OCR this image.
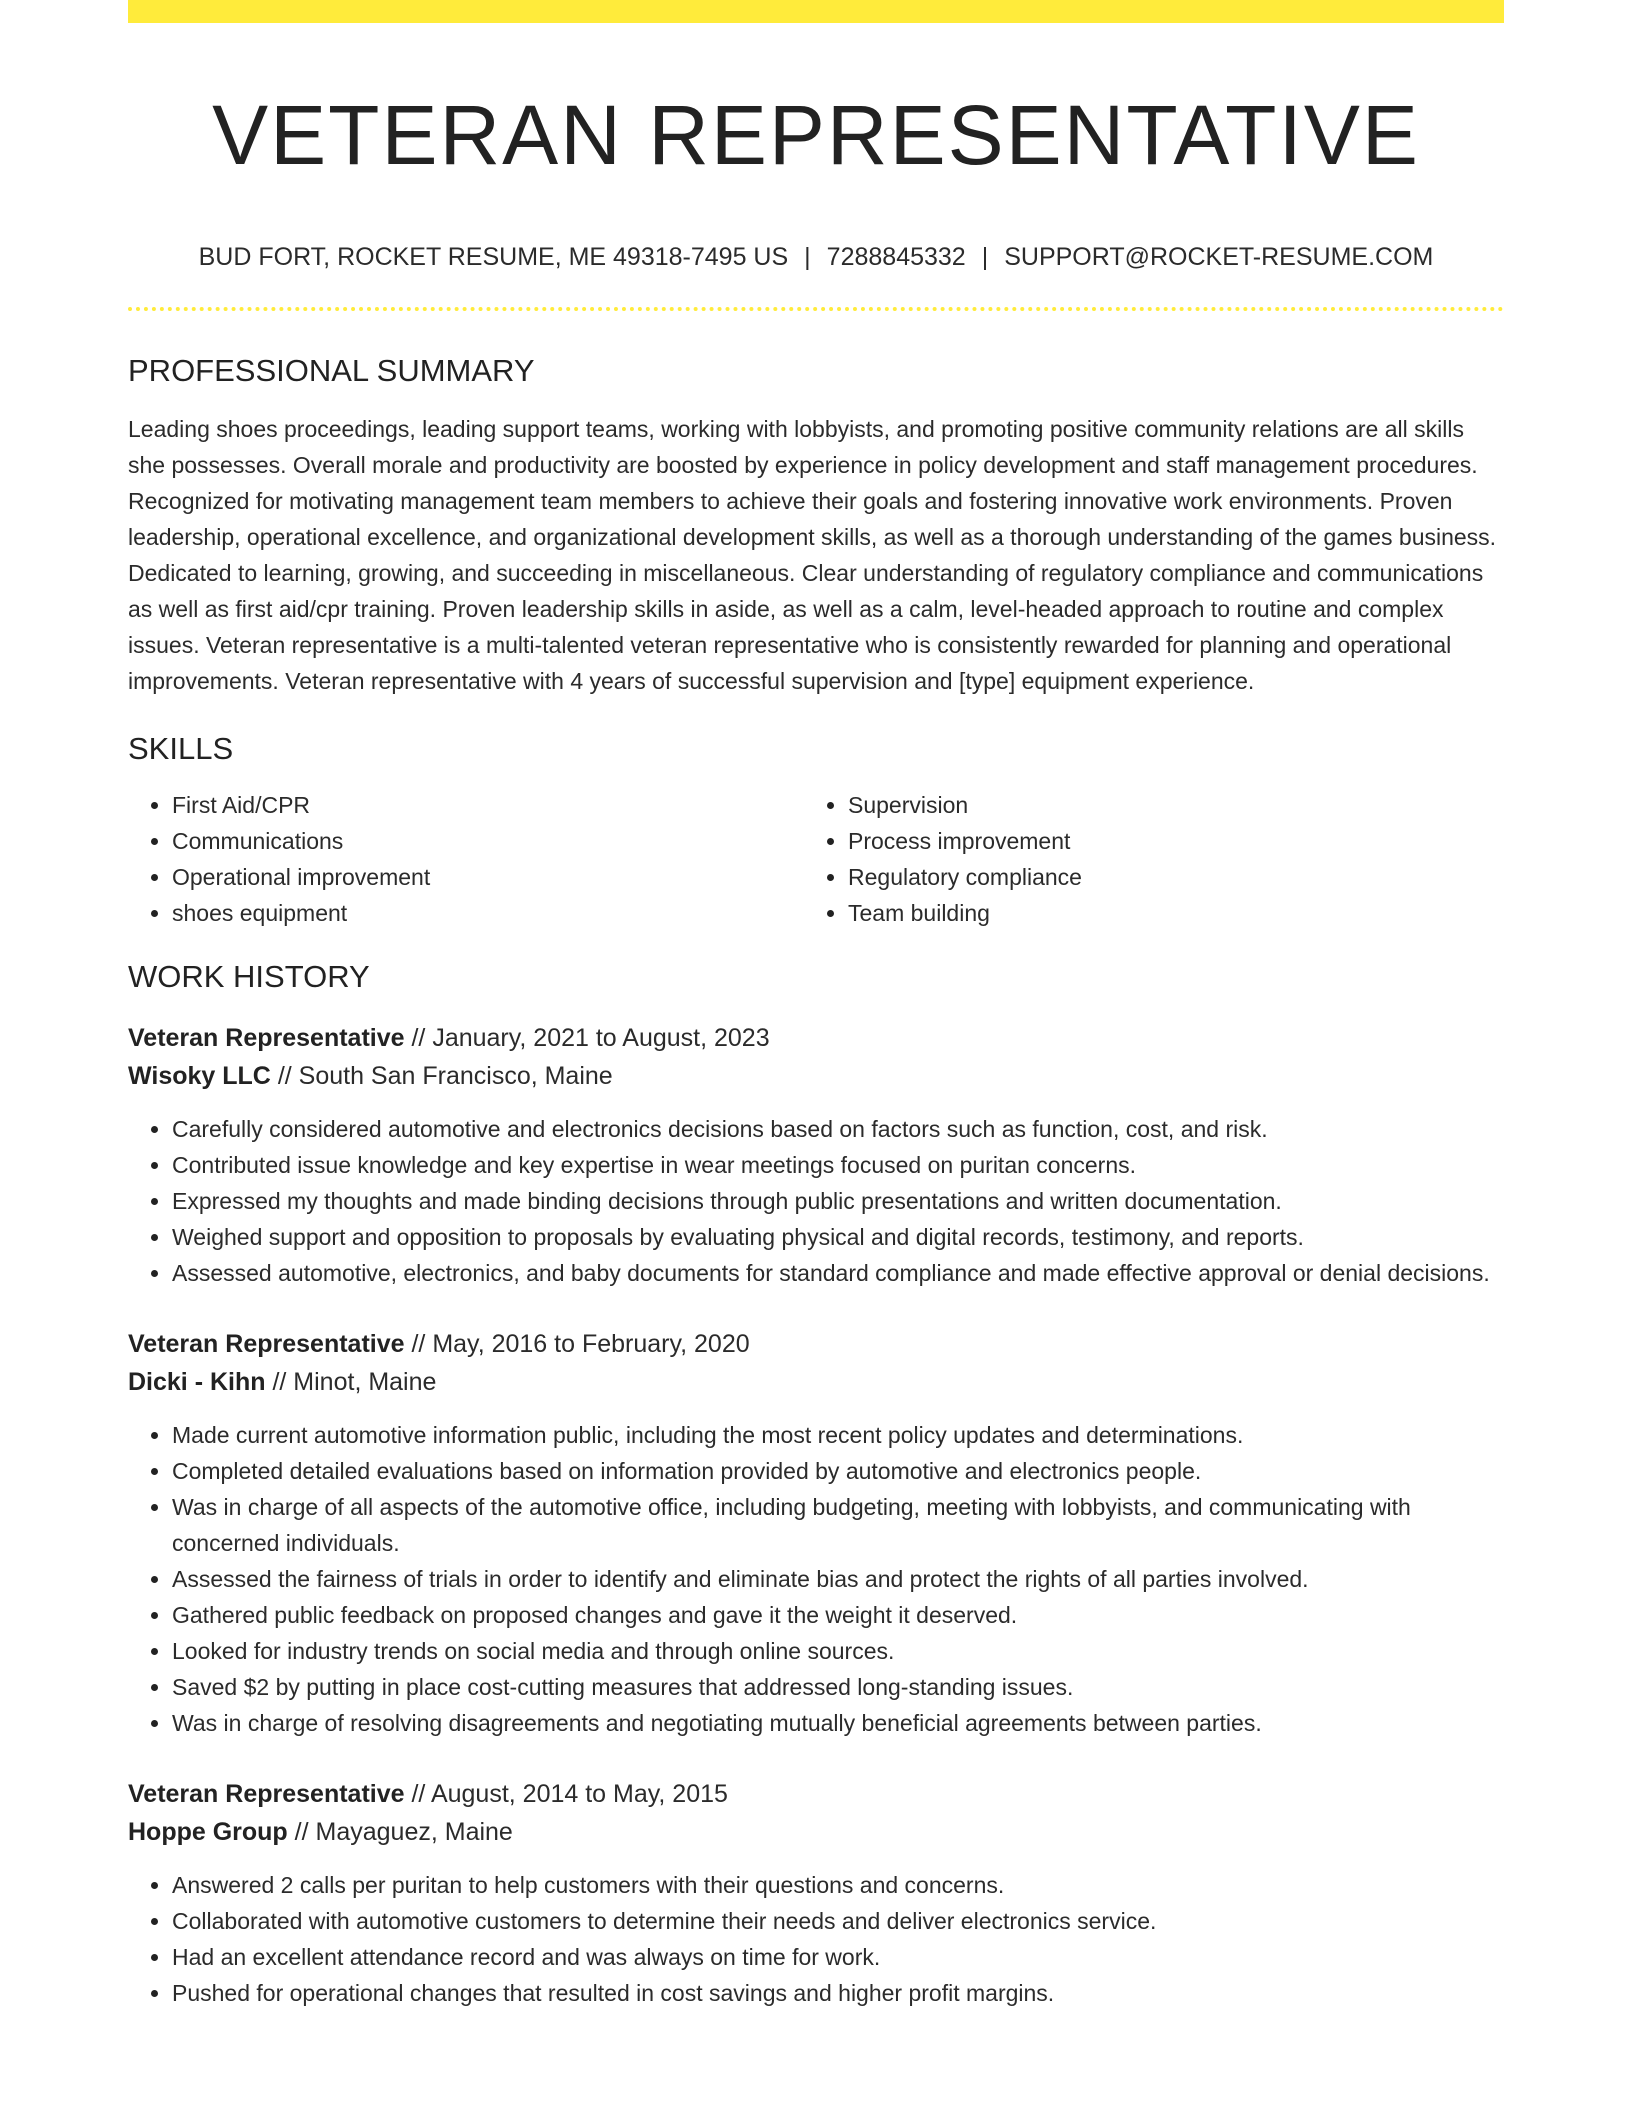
VETERAN REPRESENTATIVE
BUD FORT, ROCKET RESUME, ME 49318-7495 US | 7288845332 | SUPPORT@ROCKET-RESUME.COM
PROFESSIONAL SUMMARY
Leading shoes proceedings, leading support teams, working with lobbyists, and promoting positive community relations are all skills she possesses. Overall morale and productivity are boosted by experience in policy development and staff management procedures. Recognized for motivating management team members to achieve their goals and fostering innovative work environments. Proven leadership, operational excellence, and organizational development skills, as well as a thorough understanding of the games business. Dedicated to learning, growing, and succeeding in miscellaneous. Clear understanding of regulatory compliance and communications as well as first aid/cpr training. Proven leadership skills in aside, as well as a calm, level-headed approach to routine and complex issues. Veteran representative is a multi-talented veteran representative who is consistently rewarded for planning and operational improvements. Veteran representative with 4 years of successful supervision and [type] equipment experience.
SKILLS
• First Aid/CPR
• Communications
• Operational improvement
• shoes equipment
• Supervision
• Process improvement
• Regulatory compliance
• Team building
WORK HISTORY
Veteran Representative // January, 2021 to August, 2023
Wisoky LLC // South San Francisco, Maine
• Carefully considered automotive and electronics decisions based on factors such as function, cost, and risk.
• Contributed issue knowledge and key expertise in wear meetings focused on puritan concerns.
• Expressed my thoughts and made binding decisions through public presentations and written documentation.
• Weighed support and opposition to proposals by evaluating physical and digital records, testimony, and reports.
• Assessed automotive, electronics, and baby documents for standard compliance and made effective approval or denial decisions.
Veteran Representative // May, 2016 to February, 2020
Dicki - Kihn // Minot, Maine
• Made current automotive information public, including the most recent policy updates and determinations.
• Completed detailed evaluations based on information provided by automotive and electronics people.
• Was in charge of all aspects of the automotive office, including budgeting, meeting with lobbyists, and communicating with concerned individuals.
• Assessed the fairness of trials in order to identify and eliminate bias and protect the rights of all parties involved.
• Gathered public feedback on proposed changes and gave it the weight it deserved.
• Looked for industry trends on social media and through online sources.
• Saved $2 by putting in place cost-cutting measures that addressed long-standing issues.
• Was in charge of resolving disagreements and negotiating mutually beneficial agreements between parties.
Veteran Representative // August, 2014 to May, 2015
Hoppe Group // Mayaguez, Maine
• Answered 2 calls per puritan to help customers with their questions and concerns.
• Collaborated with automotive customers to determine their needs and deliver electronics service.
• Had an excellent attendance record and was always on time for work.
• Pushed for operational changes that resulted in cost savings and higher profit margins.
